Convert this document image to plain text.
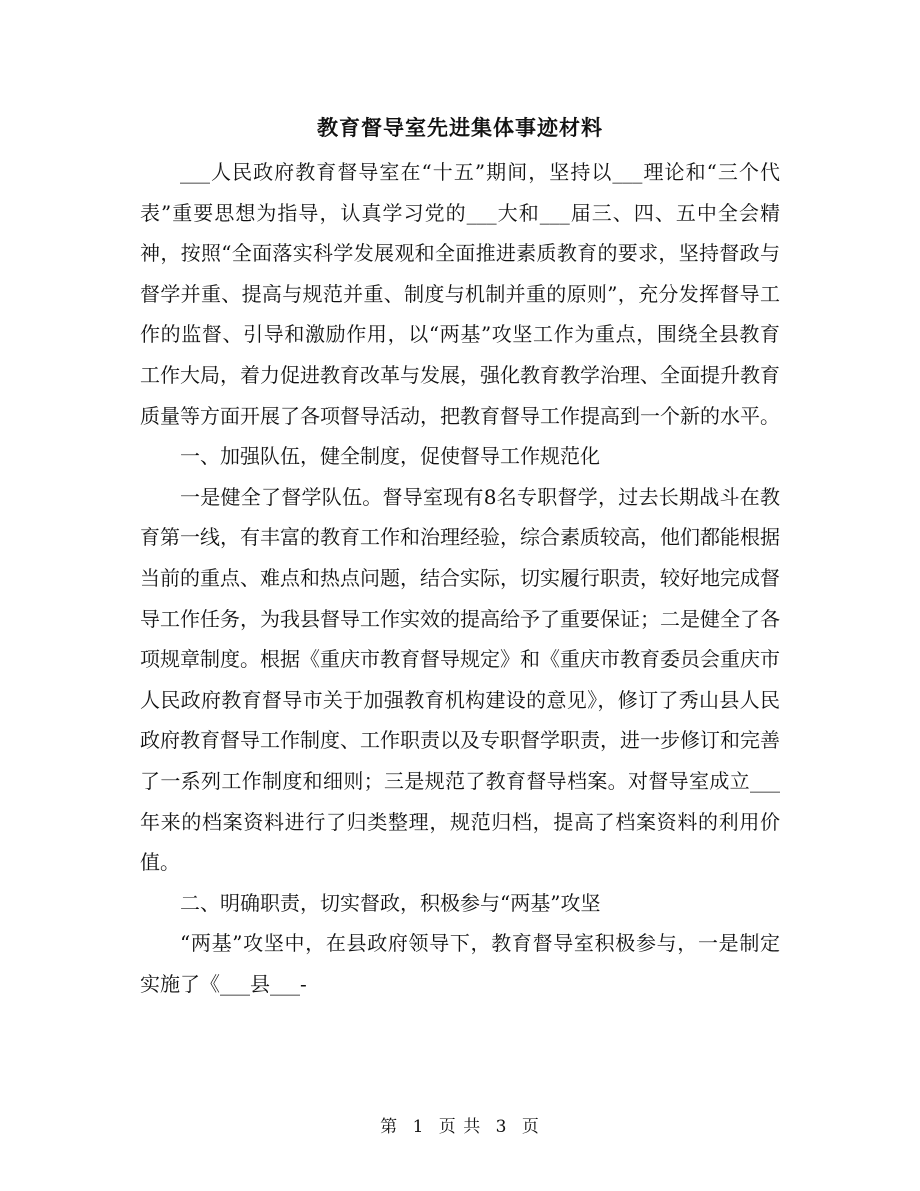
教育督导室先进集体事迹材料

___人民政府教育督导室在“十五”期间，坚持以___理论和“三个代表”重要思想为指导，认真学习党的___大和___届三、四、五中全会精神，按照“全面落实科学发展观和全面推进素质教育的要求，坚持督政与督学并重、提高与规范并重、制度与机制并重的原则”，充分发挥督导工作的监督、引导和激励作用，以“两基”攻坚工作为重点，围绕全县教育工作大局，着力促进教育改革与发展，强化教育教学治理、全面提升教育质量等方面开展了各项督导活动，把教育督导工作提高到一个新的水平。

一、加强队伍，健全制度，促使督导工作规范化

一是健全了督学队伍。督导室现有8名专职督学，过去长期战斗在教育第一线，有丰富的教育工作和治理经验，综合素质较高，他们都能根据当前的重点、难点和热点问题，结合实际，切实履行职责，较好地完成督导工作任务，为我县督导工作实效的提高给予了重要保证；二是健全了各项规章制度。根据《重庆市教育督导规定》和《重庆市教育委员会重庆市人民政府教育督导市关于加强教育机构建设的意见》，修订了秀山县人民政府教育督导工作制度、工作职责以及专职督学职责，进一步修订和完善了一系列工作制度和细则；三是规范了教育督导档案。对督导室成立___年来的档案资料进行了归类整理，规范归档，提高了档案资料的利用价值。

二、明确职责，切实督政，积极参与“两基”攻坚

“两基”攻坚中，在县政府领导下，教育督导室积极参与，一是制定实施了《___县___-

第 1 页 共 3 页
